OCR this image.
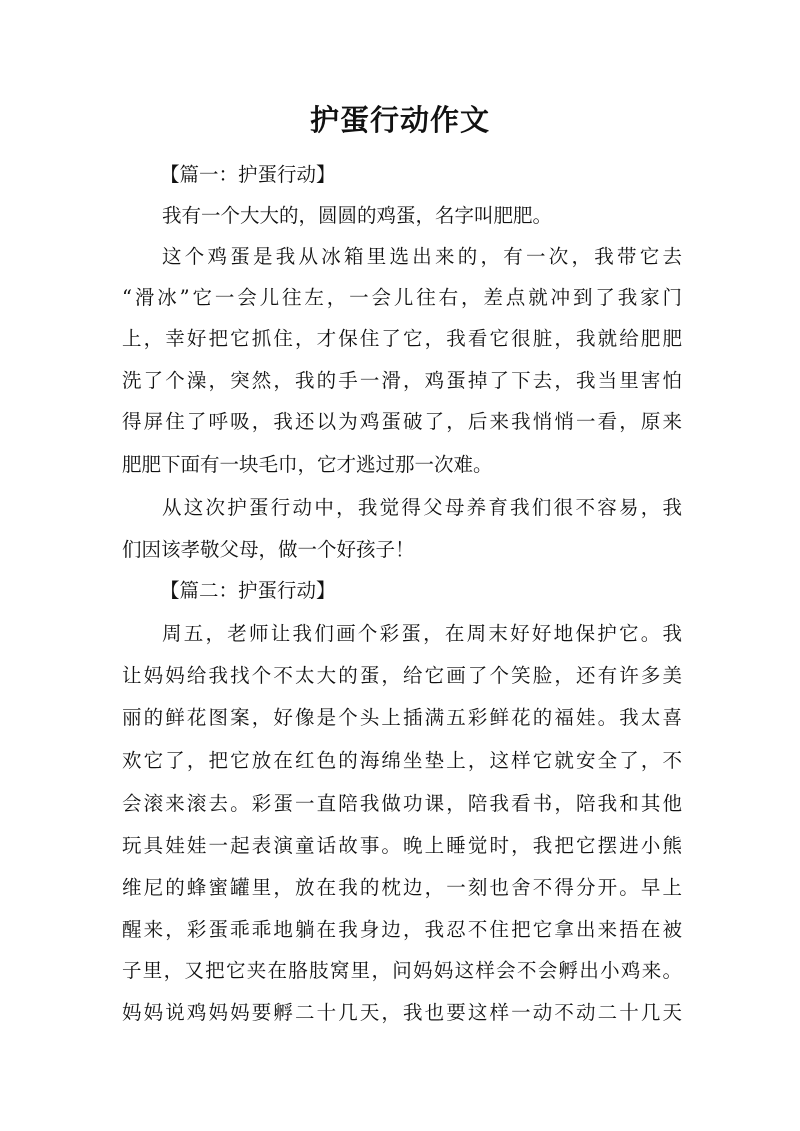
护蛋行动作文
【篇一：护蛋行动】
我有一个大大的，圆圆的鸡蛋，名字叫肥肥。
这个鸡蛋是我从冰箱里选出来的，有一次，我带它去
“滑冰”它一会儿往左，一会儿往右，差点就冲到了我家门
上，幸好把它抓住，才保住了它，我看它很脏，我就给肥肥
洗了个澡，突然，我的手一滑，鸡蛋掉了下去，我当里害怕
得屏住了呼吸，我还以为鸡蛋破了，后来我悄悄一看，原来
肥肥下面有一块毛巾，它才逃过那一次难。
从这次护蛋行动中，我觉得父母养育我们很不容易，我
们因该孝敬父母，做一个好孩子！
【篇二：护蛋行动】
周五，老师让我们画个彩蛋，在周末好好地保护它。我
让妈妈给我找个不太大的蛋，给它画了个笑脸，还有许多美
丽的鲜花图案，好像是个头上插满五彩鲜花的福娃。我太喜
欢它了，把它放在红色的海绵坐垫上，这样它就安全了，不
会滚来滚去。彩蛋一直陪我做功课，陪我看书，陪我和其他
玩具娃娃一起表演童话故事。晚上睡觉时，我把它摆进小熊
维尼的蜂蜜罐里，放在我的枕边，一刻也舍不得分开。早上
醒来，彩蛋乖乖地躺在我身边，我忍不住把它拿出来捂在被
子里，又把它夹在胳肢窝里，问妈妈这样会不会孵出小鸡来。
妈妈说鸡妈妈要孵二十几天，我也要这样一动不动二十几天
